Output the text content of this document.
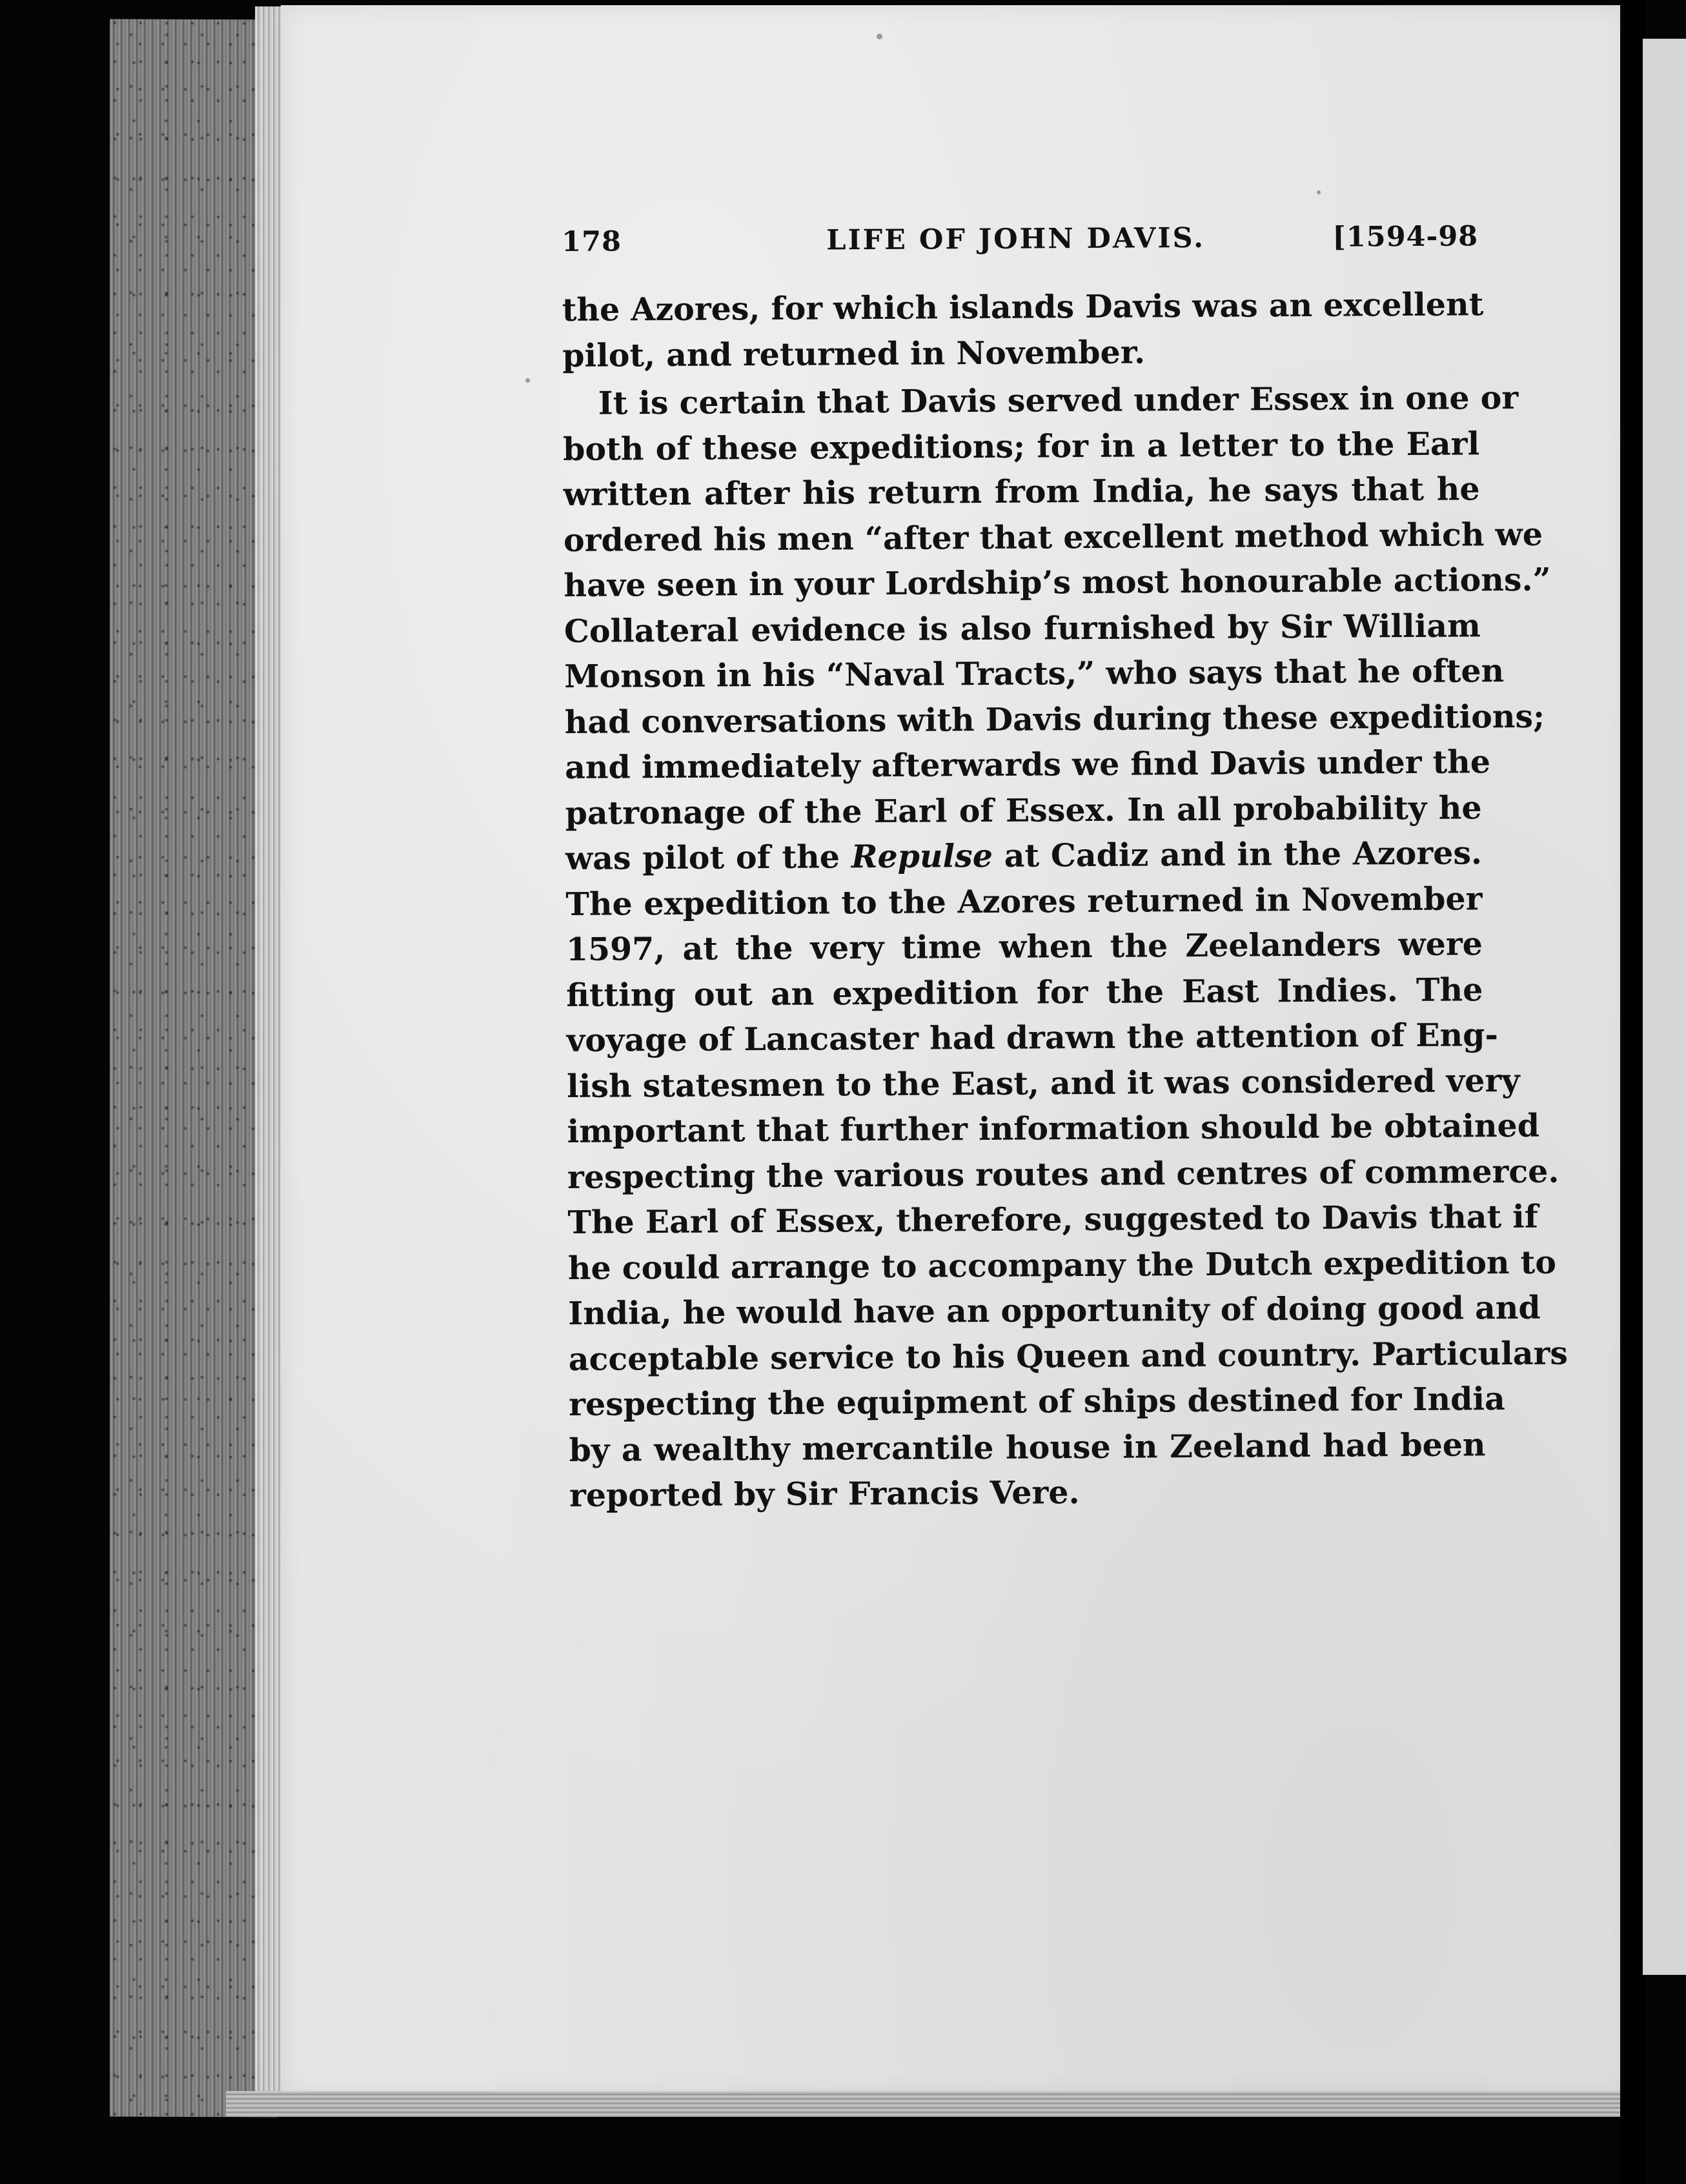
178	LIFE OF JOHN DAVIS.	[1594-98
the Azores, for which islands Davis was an excellent
pilot, and returned in November.
It is certain that Davis served under Essex in one or
both of these expeditions; for in a letter to the Earl
written after his return from India, he says that he
ordered his men “after that excellent method which we
have seen in your Lordship’s most honourable actions.”
Collateral evidence is also furnished by Sir William
Monson in his “Naval Tracts,” who says that he often
had conversations with Davis during these expeditions;
and immediately afterwards we find Davis under the
patronage of the Earl of Essex. In all probability he
was pilot of the Repulse at Cadiz and in the Azores.
The expedition to the Azores returned in November
1597, at the very time when the Zeelanders were
fitting out an expedition for the East Indies. The
voyage of Lancaster had drawn the attention of Eng-
lish statesmen to the East, and it was considered very
important that further information should be obtained
respecting the various routes and centres of commerce.
The Earl of Essex, therefore, suggested to Davis that if
he could arrange to accompany the Dutch expedition to
India, he would have an opportunity of doing good and
acceptable service to his Queen and country. Particulars
respecting the equipment of ships destined for India
by a wealthy mercantile house in Zeeland had been
reported by Sir Francis Vere.
